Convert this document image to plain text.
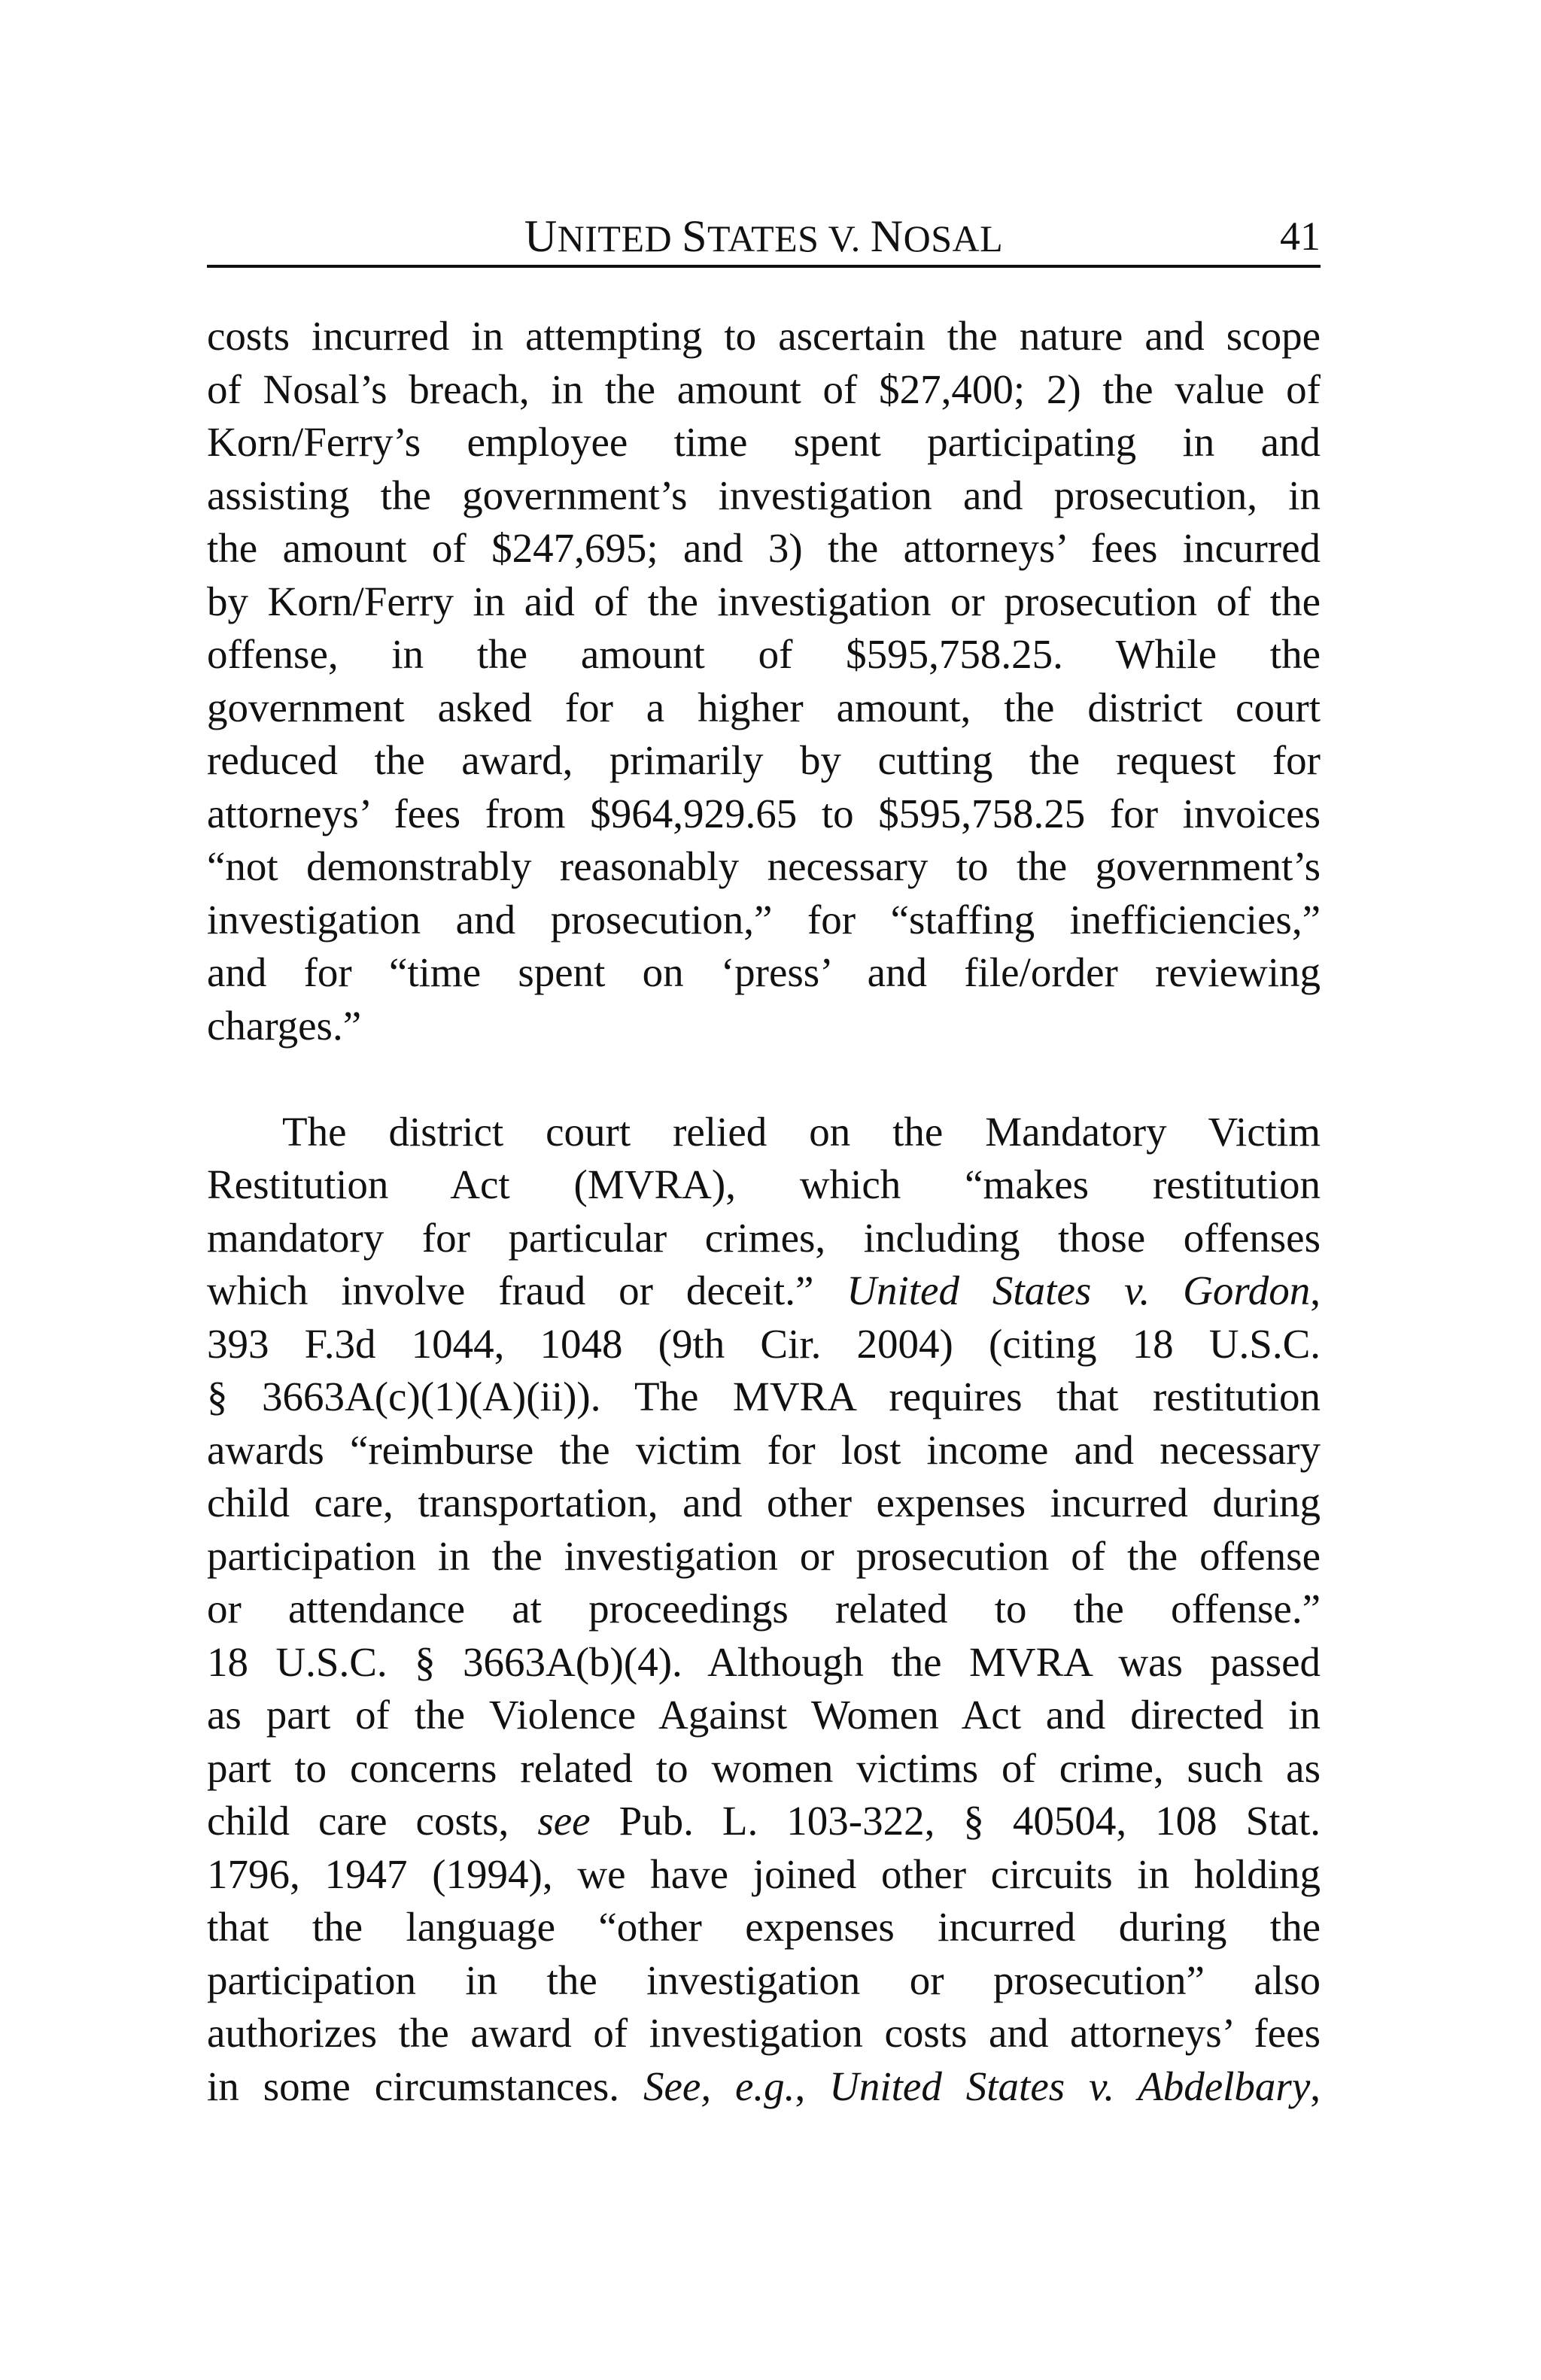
UNITED STATES V. NOSAL	41
costs incurred in attempting to ascertain the nature and scope
of Nosal’s breach, in the amount of $27,400; 2) the value of
Korn/Ferry’s employee time spent participating in and
assisting the government’s investigation and prosecution, in
the amount of $247,695; and 3) the attorneys’ fees incurred
by Korn/Ferry in aid of the investigation or prosecution of the
offense, in the amount of $595,758.25. While the
government asked for a higher amount, the district court
reduced the award, primarily by cutting the request for
attorneys’ fees from $964,929.65 to $595,758.25 for invoices
“not demonstrably reasonably necessary to the government’s
investigation and prosecution,” for “staffing inefficiencies,”
and for “time spent on ‘press’ and file/order reviewing
charges.”
The district court relied on the Mandatory Victim
Restitution Act (MVRA), which “makes restitution
mandatory for particular crimes, including those offenses
which involve fraud or deceit.” United States v. Gordon,
393 F.3d 1044, 1048 (9th Cir. 2004) (citing 18 U.S.C.
§ 3663A(c)(1)(A)(ii)). The MVRA requires that restitution
awards “reimburse the victim for lost income and necessary
child care, transportation, and other expenses incurred during
participation in the investigation or prosecution of the offense
or attendance at proceedings related to the offense.”
18 U.S.C. § 3663A(b)(4). Although the MVRA was passed
as part of the Violence Against Women Act and directed in
part to concerns related to women victims of crime, such as
child care costs, see Pub. L. 103-322, § 40504, 108 Stat.
1796, 1947 (1994), we have joined other circuits in holding
that the language “other expenses incurred during the
participation in the investigation or prosecution” also
authorizes the award of investigation costs and attorneys’ fees
in some circumstances. See, e.g., United States v. Abdelbary,
